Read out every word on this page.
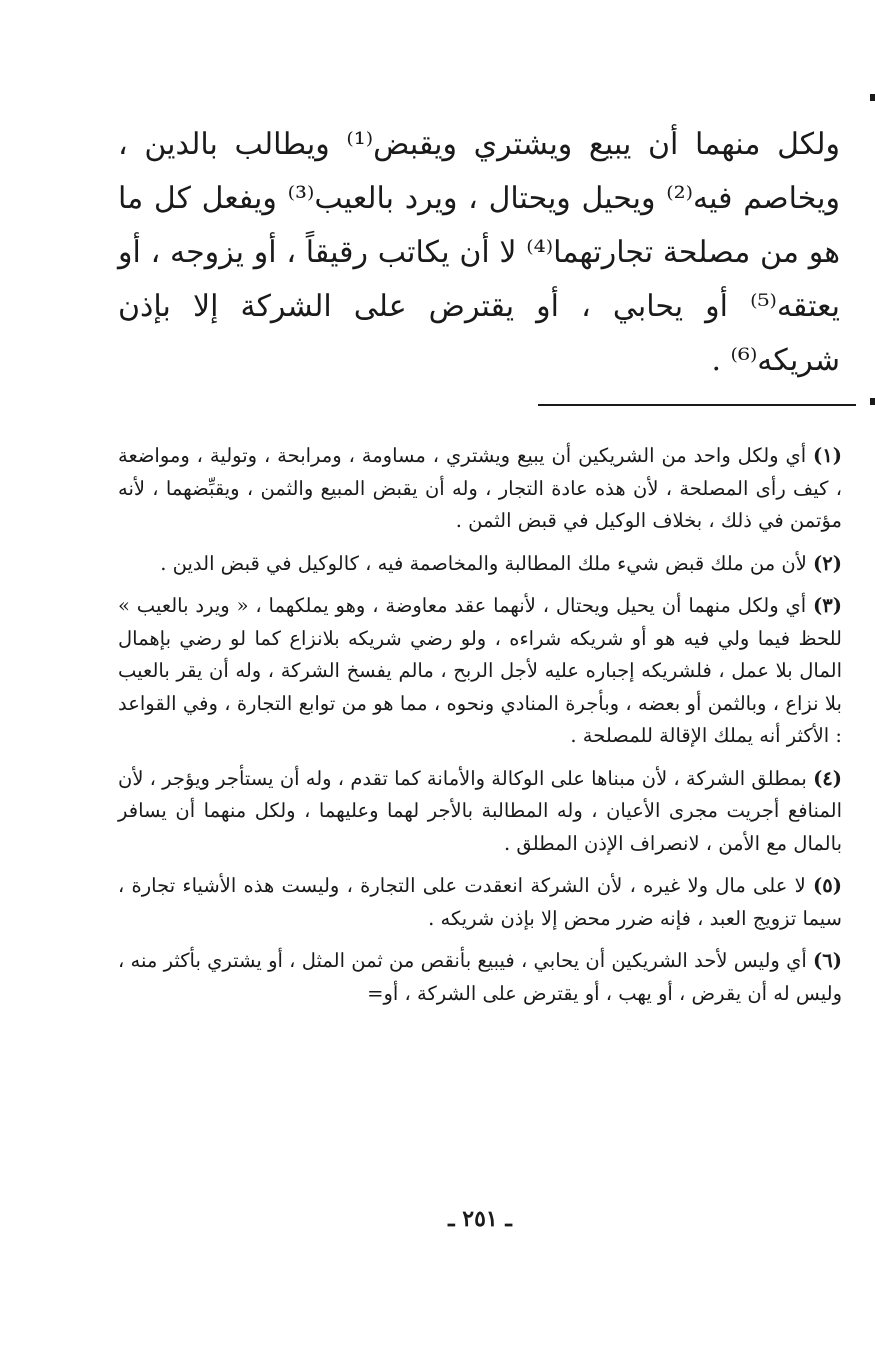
ولكل منهما أن يبيع ويشتري ويقبض⁽¹⁾ ويطالب بالدين ، ويخاصم فيه⁽²⁾ ويحيل ويحتال ، ويرد بالعيب⁽³⁾ ويفعل كل ما هو من مصلحة تجارتهما⁽⁴⁾ لا أن يكاتب رقيقاً ، أو يزوجه ، أو يعتقه⁽⁵⁾ أو يحابي ، أو يقترض على الشركة إلا بإذن شريكه⁽⁶⁾ .

(١) أي ولكل واحد من الشريكين أن يبيع ويشتري ، مساومة ، ومرابحة ، وتولية ، ومواضعة ، كيف رأى المصلحة ، لأن هذه عادة التجار ، وله أن يقبض المبيع والثمن ، ويقبِّضهما ، لأنه مؤتمن في ذلك ، بخلاف الوكيل في قبض الثمن .

(٢) لأن من ملك قبض شيء ملك المطالبة والمخاصمة فيه ، كالوكيل في قبض الدين .

(٣) أي ولكل منهما أن يحيل ويحتال ، لأنهما عقد معاوضة ، وهو يملكهما ، « ويرد بالعيب » للحظ فيما ولي فيه هو أو شريكه شراءه ، ولو رضي شريكه بلانزاع كما لو رضي بإهمال المال بلا عمل ، فلشريكه إجباره عليه لأجل الربح ، مالم يفسخ الشركة ، وله أن يقر بالعيب بلا نزاع ، وبالثمن أو بعضه ، وبأجرة المنادي ونحوه ، مما هو من توابع التجارة ، وفي القواعد : الأكثر أنه يملك الإقالة للمصلحة .

(٤) بمطلق الشركة ، لأن مبناها على الوكالة والأمانة كما تقدم ، وله أن يستأجر ويؤجر ، لأن المنافع أجريت مجرى الأعيان ، وله المطالبة بالأجر لهما وعليهما ، ولكل منهما أن يسافر بالمال مع الأمن ، لانصراف الإذن المطلق .

(٥) لا على مال ولا غيره ، لأن الشركة انعقدت على التجارة ، وليست هذه الأشياء تجارة ، سيما تزويج العبد ، فإنه ضرر محض إلا بإذن شريكه .

(٦) أي وليس لأحد الشريكين أن يحابي ، فيبيع بأنقص من ثمن المثل ، أو يشتري بأكثر منه ، وليس له أن يقرض ، أو يهب ، أو يقترض على الشركة ، أو=

ـ ٢٥١ ـ
